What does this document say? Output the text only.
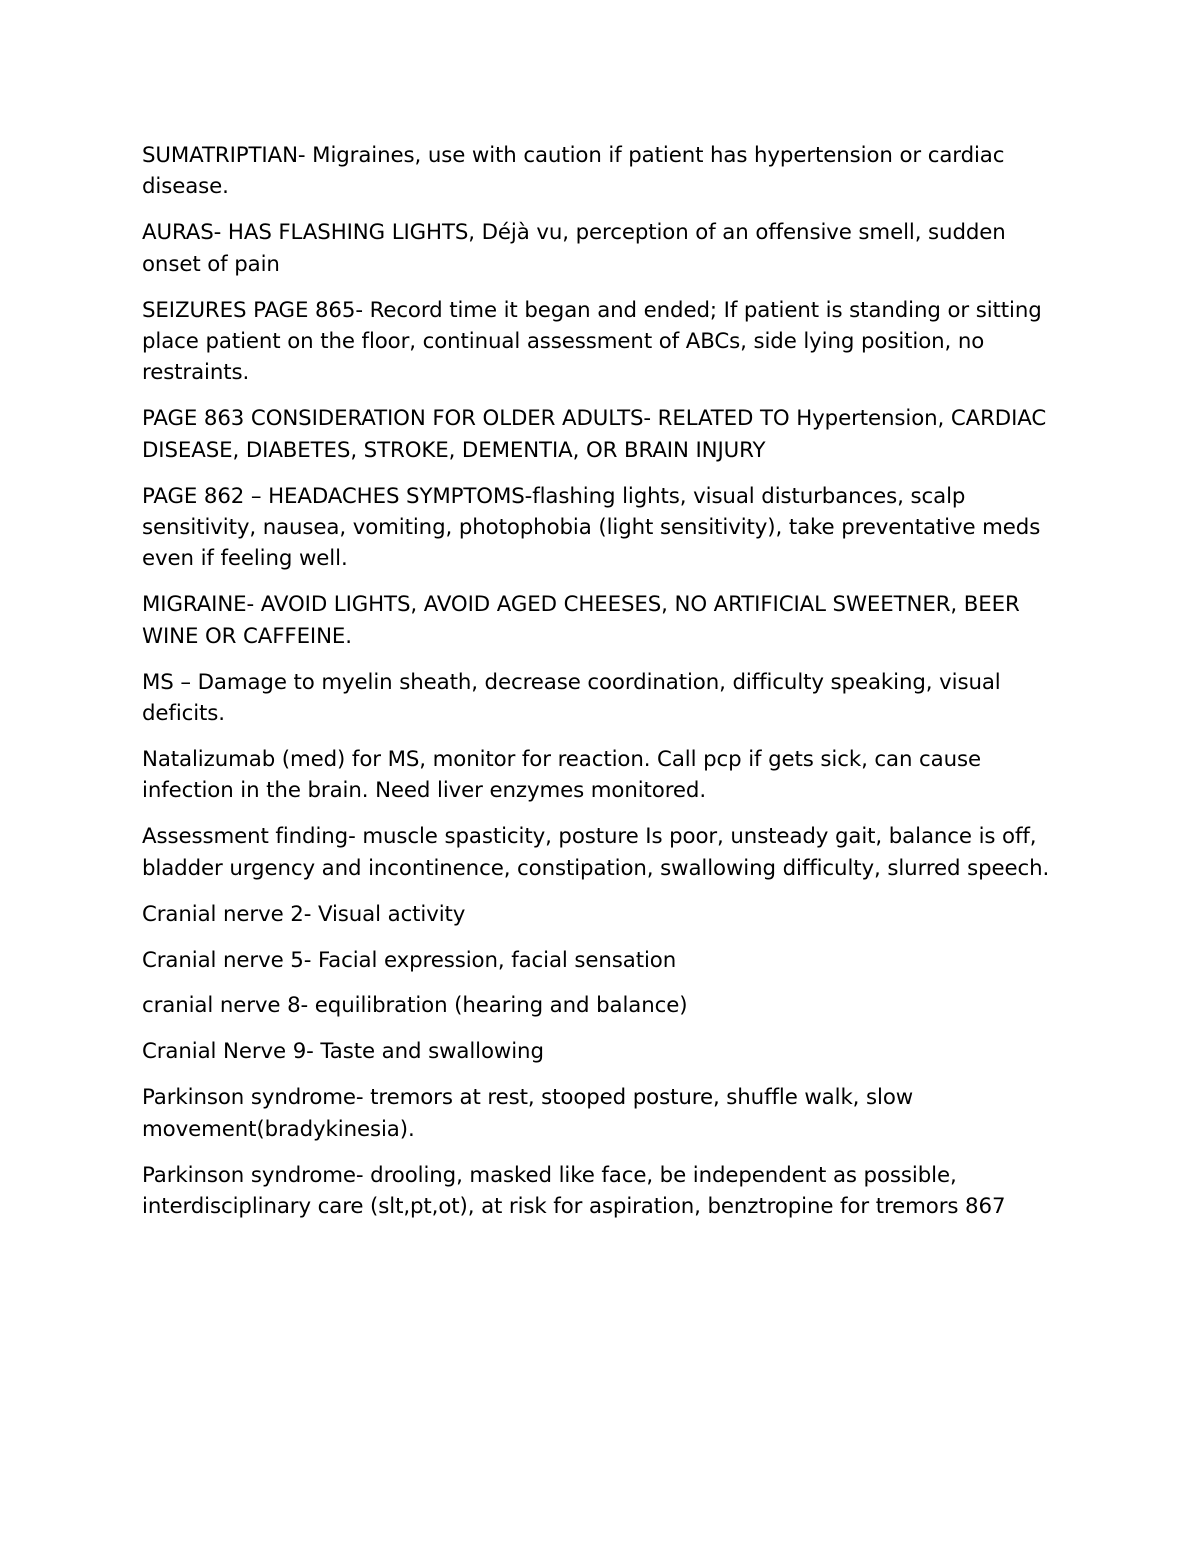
SUMATRIPTIAN- Migraines, use with caution if patient has hypertension or cardiac disease.

AURAS- HAS FLASHING LIGHTS, Déjà vu, perception of an offensive smell, sudden onset of pain

SEIZURES PAGE 865- Record time it began and ended; If patient is standing or sitting place patient on the floor, continual assessment of ABCs, side lying position, no restraints.

PAGE 863 CONSIDERATION FOR OLDER ADULTS- RELATED TO Hypertension, CARDIAC DISEASE, DIABETES, STROKE, DEMENTIA, OR BRAIN INJURY

PAGE 862 – HEADACHES SYMPTOMS-flashing lights, visual disturbances, scalp sensitivity, nausea, vomiting, photophobia (light sensitivity), take preventative meds even if feeling well.

MIGRAINE- AVOID LIGHTS, AVOID AGED CHEESES, NO ARTIFICIAL SWEETNER, BEER WINE OR CAFFEINE.

MS – Damage to myelin sheath, decrease coordination, difficulty speaking, visual deficits.

Natalizumab (med) for MS, monitor for reaction. Call pcp if gets sick, can cause infection in the brain. Need liver enzymes monitored.

Assessment finding- muscle spasticity, posture Is poor, unsteady gait, balance is off, bladder urgency and incontinence, constipation, swallowing difficulty, slurred speech.

Cranial nerve 2- Visual activity

Cranial nerve 5- Facial expression, facial sensation

cranial nerve 8- equilibration (hearing and balance)

Cranial Nerve 9- Taste and swallowing

Parkinson syndrome- tremors at rest, stooped posture, shuffle walk, slow movement(bradykinesia).

Parkinson syndrome- drooling, masked like face, be independent as possible, interdisciplinary care (slt,pt,ot), at risk for aspiration, benztropine for tremors 867
